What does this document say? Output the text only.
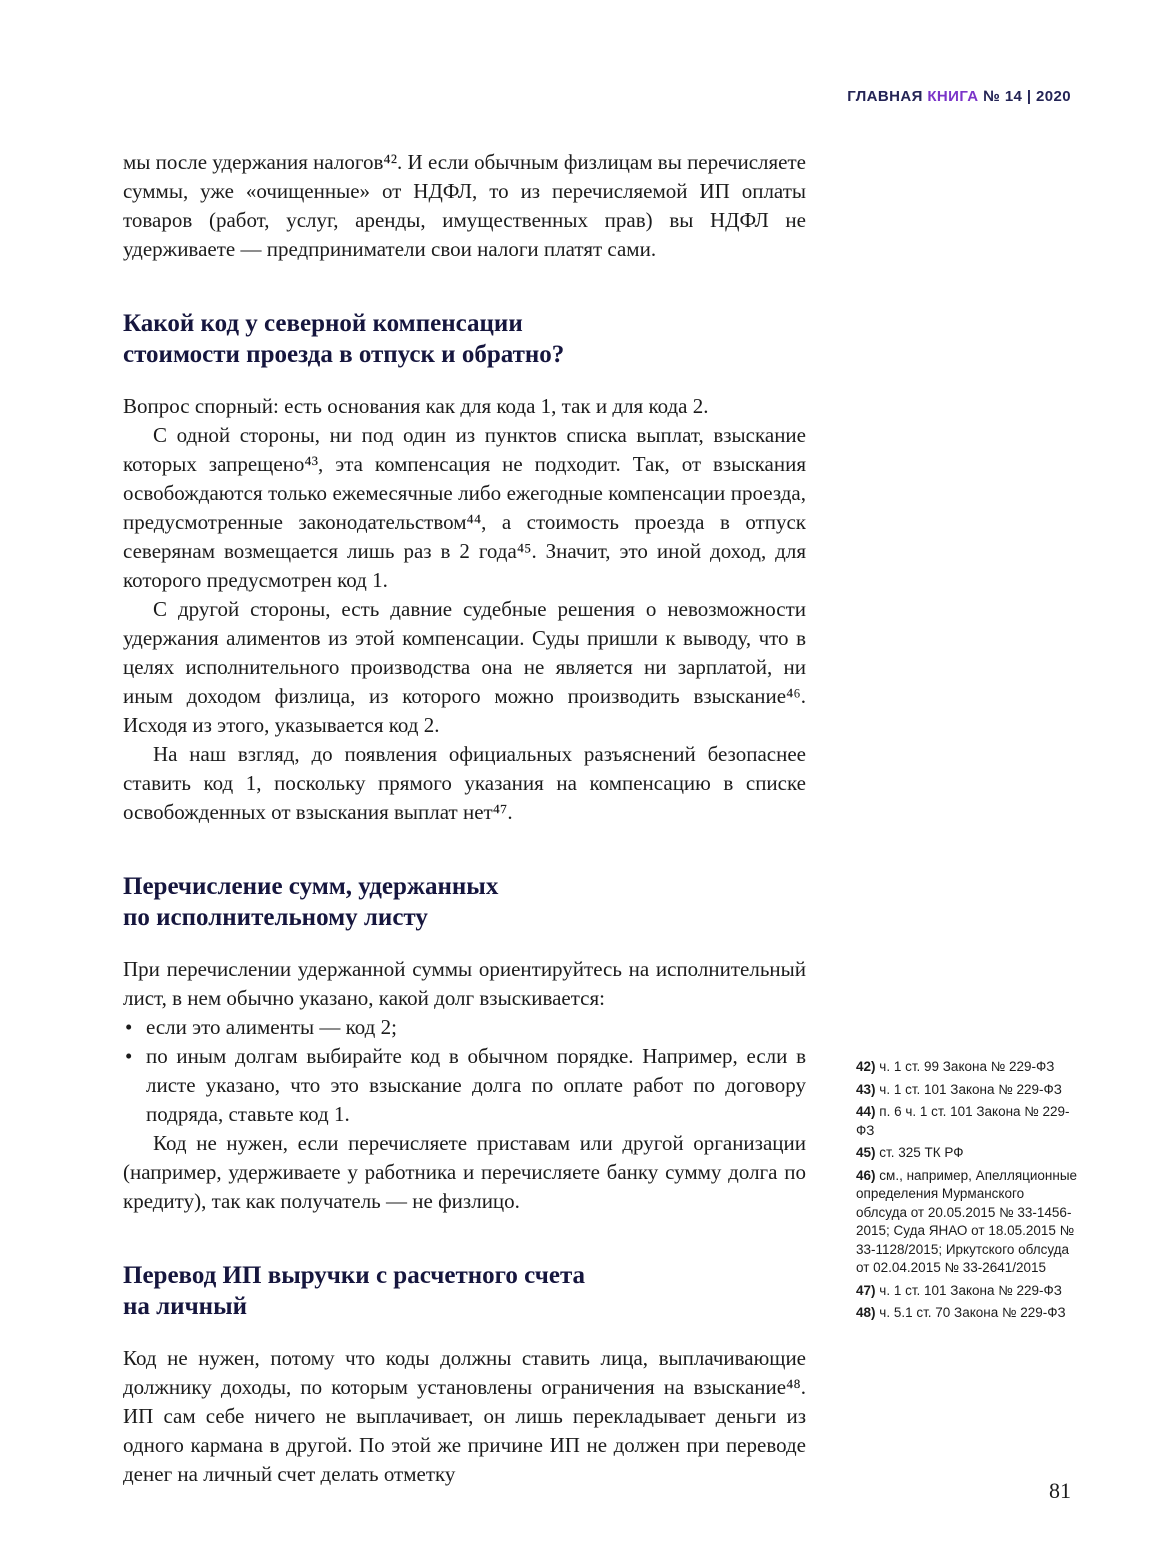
ГЛАВНАЯ КНИГА № 14 | 2020

мы после удержания налогов⁴². И если обычным физлицам вы перечисляете суммы, уже «очищенные» от НДФЛ, то из перечисляемой ИП оплаты товаров (работ, услуг, аренды, имущественных прав) вы НДФЛ не удерживаете — предприниматели свои налоги платят сами.

Какой код у северной компенсации
стоимости проезда в отпуск и обратно?

Вопрос спорный: есть основания как для кода 1, так и для кода 2.

С одной стороны, ни под один из пунктов списка выплат, взыскание которых запрещено⁴³, эта компенсация не подходит. Так, от взыскания освобождаются только ежемесячные либо ежегодные компенсации проезда, предусмотренные законодательством⁴⁴, а стоимость проезда в отпуск северянам возмещается лишь раз в 2 года⁴⁵. Значит, это иной доход, для которого предусмотрен код 1.

С другой стороны, есть давние судебные решения о невозможности удержания алиментов из этой компенсации. Суды пришли к выводу, что в целях исполнительного производства она не является ни зарплатой, ни иным доходом физлица, из которого можно производить взыскание⁴⁶. Исходя из этого, указывается код 2.

На наш взгляд, до появления официальных разъяснений безопаснее ставить код 1, поскольку прямого указания на компенсацию в списке освобожденных от взыскания выплат нет⁴⁷.

Перечисление сумм, удержанных
по исполнительному листу

При перечислении удержанной суммы ориентируйтесь на исполнительный лист, в нем обычно указано, какой долг взыскивается:

• если это алименты — код 2;
• по иным долгам выбирайте код в обычном порядке. Например, если в листе указано, что это взыскание долга по оплате работ по договору подряда, ставьте код 1.

Код не нужен, если перечисляете приставам или другой организации (например, удерживаете у работника и перечисляете банку сумму долга по кредиту), так как получатель — не физлицо.

Перевод ИП выручки с расчетного счета
на личный

Код не нужен, потому что коды должны ставить лица, выплачивающие должнику доходы, по которым установлены ограничения на взыскание⁴⁸. ИП сам себе ничего не выплачивает, он лишь перекладывает деньги из одного кармана в другой. По этой же причине ИП не должен при переводе денег на личный счет делать отметку

42) ч. 1 ст. 99 Закона № 229-ФЗ
43) ч. 1 ст. 101 Закона № 229-ФЗ
44) п. 6 ч. 1 ст. 101 Закона № 229-ФЗ
45) ст. 325 ТК РФ
46) см., например, Апелляционные определения Мурманского облсуда от 20.05.2015 № 33-1456-2015; Суда ЯНАО от 18.05.2015 № 33-1128/2015; Иркутского облсуда от 02.04.2015 № 33-2641/2015
47) ч. 1 ст. 101 Закона № 229-ФЗ
48) ч. 5.1 ст. 70 Закона № 229-ФЗ
81
